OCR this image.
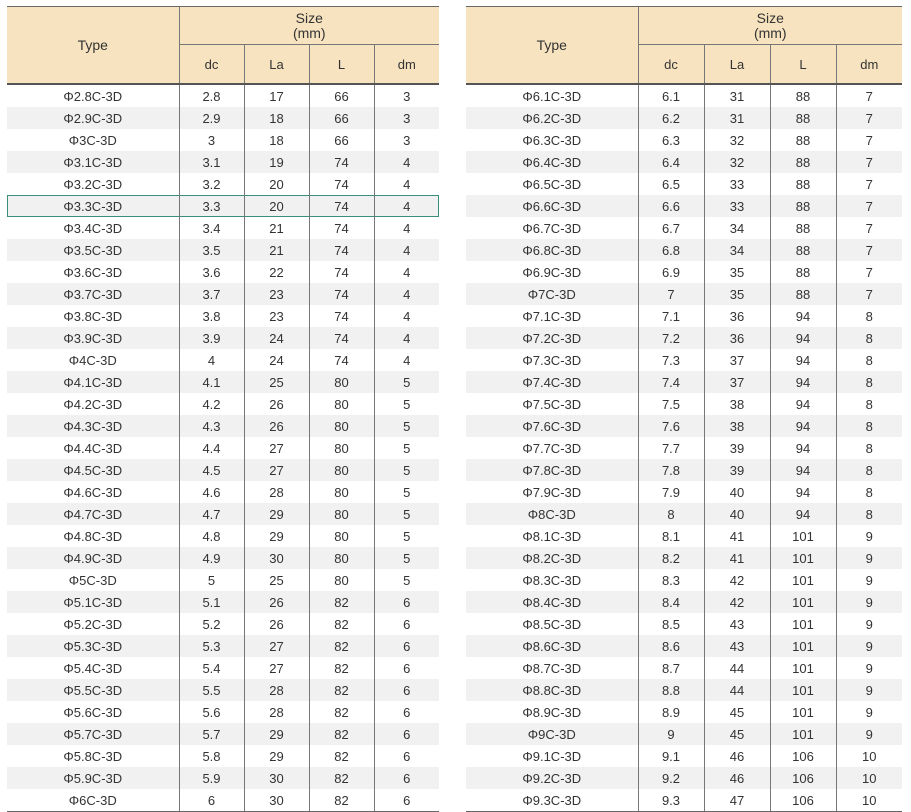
Type	Size
(mm)			
	dc	La	L	dm
Φ2.8C-3D	2.8	17	66	3
Φ2.9C-3D	2.9	18	66	3
Φ3C-3D	3	18	66	3
Φ3.1C-3D	3.1	19	74	4
Φ3.2C-3D	3.2	20	74	4
Φ3.3C-3D	3.3	20	74	4
Φ3.4C-3D	3.4	21	74	4
Φ3.5C-3D	3.5	21	74	4
Φ3.6C-3D	3.6	22	74	4
Φ3.7C-3D	3.7	23	74	4
Φ3.8C-3D	3.8	23	74	4
Φ3.9C-3D	3.9	24	74	4
Φ4C-3D	4	24	74	4
Φ4.1C-3D	4.1	25	80	5
Φ4.2C-3D	4.2	26	80	5
Φ4.3C-3D	4.3	26	80	5
Φ4.4C-3D	4.4	27	80	5
Φ4.5C-3D	4.5	27	80	5
Φ4.6C-3D	4.6	28	80	5
Φ4.7C-3D	4.7	29	80	5
Φ4.8C-3D	4.8	29	80	5
Φ4.9C-3D	4.9	30	80	5
Φ5C-3D	5	25	80	5
Φ5.1C-3D	5.1	26	82	6
Φ5.2C-3D	5.2	26	82	6
Φ5.3C-3D	5.3	27	82	6
Φ5.4C-3D	5.4	27	82	6
Φ5.5C-3D	5.5	28	82	6
Φ5.6C-3D	5.6	28	82	6
Φ5.7C-3D	5.7	29	82	6
Φ5.8C-3D	5.8	29	82	6
Φ5.9C-3D	5.9	30	82	6
Φ6C-3D	6	30	82	6
Type	Size
(mm)			
	dc	La	L	dm
Φ6.1C-3D	6.1	31	88	7
Φ6.2C-3D	6.2	31	88	7
Φ6.3C-3D	6.3	32	88	7
Φ6.4C-3D	6.4	32	88	7
Φ6.5C-3D	6.5	33	88	7
Φ6.6C-3D	6.6	33	88	7
Φ6.7C-3D	6.7	34	88	7
Φ6.8C-3D	6.8	34	88	7
Φ6.9C-3D	6.9	35	88	7
Φ7C-3D	7	35	88	7
Φ7.1C-3D	7.1	36	94	8
Φ7.2C-3D	7.2	36	94	8
Φ7.3C-3D	7.3	37	94	8
Φ7.4C-3D	7.4	37	94	8
Φ7.5C-3D	7.5	38	94	8
Φ7.6C-3D	7.6	38	94	8
Φ7.7C-3D	7.7	39	94	8
Φ7.8C-3D	7.8	39	94	8
Φ7.9C-3D	7.9	40	94	8
Φ8C-3D	8	40	94	8
Φ8.1C-3D	8.1	41	101	9
Φ8.2C-3D	8.2	41	101	9
Φ8.3C-3D	8.3	42	101	9
Φ8.4C-3D	8.4	42	101	9
Φ8.5C-3D	8.5	43	101	9
Φ8.6C-3D	8.6	43	101	9
Φ8.7C-3D	8.7	44	101	9
Φ8.8C-3D	8.8	44	101	9
Φ8.9C-3D	8.9	45	101	9
Φ9C-3D	9	45	101	9
Φ9.1C-3D	9.1	46	106	10
Φ9.2C-3D	9.2	46	106	10
Φ9.3C-3D	9.3	47	106	10
